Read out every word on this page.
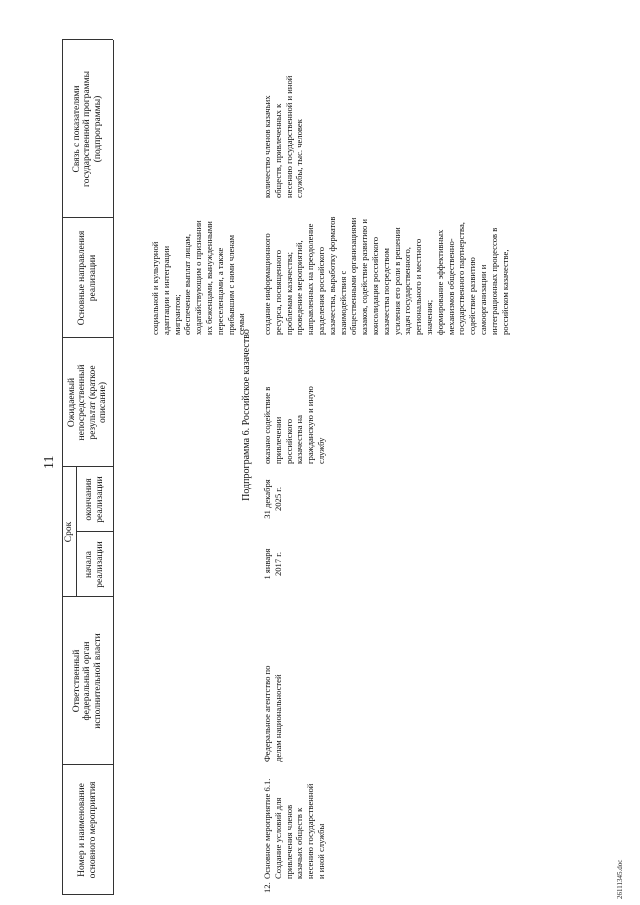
11
Номер и наименование
основного мероприятия
Ответственный
федеральный орган
исполнительной власти
Срок
начала
реализации
окончания
реализации
Ожидаемый
непосредственный
результат (краткое
описание)
Основные направления
реализации
Связь с показателями
государственной программы
(подпрограммы)
социальной и культурной
адаптации и интеграции
мигрантов;
обеспечение выплат лицам,
ходатайствующим о признании
их беженцами, вынужденными
переселенцами, а также
прибывшим с ними членам
семьи
Подпрограмма 6. Российское казачество
12.
Основное мероприятие 6.1.
Создание условий для
привлечения членов
казачьих обществ к
несению государственной
и иной службы
Федеральное агентство по
делам национальностей
1 января
2017 г.
31 декабря
2025 г.
оказано содействие в
привлечении
российского
казачества на
гражданскую и иную
службу
создание информационного
ресурса, посвященного
проблемам казачества;
проведение мероприятий,
направленных на преодоление
разделения российского
казачества, выработку форматов
взаимодействия с
общественными организациями
казаков, содействие развитию и
консолидация российского
казачества посредством
усиления его роли в решении
задач государственного,
регионального и местного
значения;
формирование эффективных
механизмов общественно-
государственного партнерства,
содействие развитию
самоорганизации и
интеграционных процессов в
российском казачестве,
количество членов казачьих
обществ, привлеченных к
несению государственной и иной
службы, тыс. человек
26111345.doc
